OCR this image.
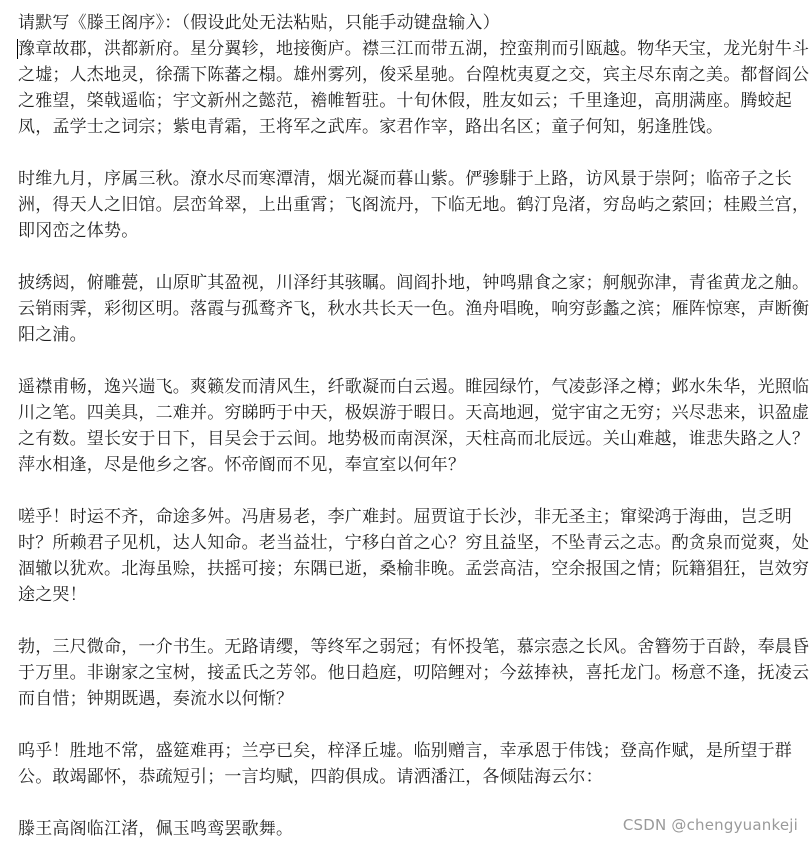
请默写《滕王阁序》：（假设此处无法粘贴，只能手动键盘输入）
豫章故郡，洪都新府。星分翼轸，地接衡庐。襟三江而带五湖，控蛮荆而引瓯越。物华天宝，龙光射牛斗之墟；人杰地灵，徐孺下陈蕃之榻。雄州雾列，俊采星驰。台隍枕夷夏之交，宾主尽东南之美。都督阎公之雅望，棨戟遥临；宇文新州之懿范，襜帷暂驻。十旬休假，胜友如云；千里逢迎，高朋满座。腾蛟起凤，孟学士之词宗；紫电青霜，王将军之武库。家君作宰，路出名区；童子何知，躬逢胜饯。
时维九月，序属三秋。潦水尽而寒潭清，烟光凝而暮山紫。俨骖騑于上路，访风景于崇阿；临帝子之长洲，得天人之旧馆。层峦耸翠，上出重霄；飞阁流丹，下临无地。鹤汀凫渚，穷岛屿之萦回；桂殿兰宫，即冈峦之体势。
披绣闼，俯雕甍，山原旷其盈视，川泽纡其骇瞩。闾阎扑地，钟鸣鼎食之家；舸舰弥津，青雀黄龙之舳。云销雨霁，彩彻区明。落霞与孤鹜齐飞，秋水共长天一色。渔舟唱晚，响穷彭蠡之滨；雁阵惊寒，声断衡阳之浦。
遥襟甫畅，逸兴遄飞。爽籁发而清风生，纤歌凝而白云遏。睢园绿竹，气凌彭泽之樽；邺水朱华，光照临川之笔。四美具，二难并。穷睇眄于中天，极娱游于暇日。天高地迥，觉宇宙之无穷；兴尽悲来，识盈虚之有数。望长安于日下，目吴会于云间。地势极而南溟深，天柱高而北辰远。关山难越，谁悲失路之人？萍水相逢，尽是他乡之客。怀帝阍而不见，奉宣室以何年？
嗟乎！时运不齐，命途多舛。冯唐易老，李广难封。屈贾谊于长沙，非无圣主；窜梁鸿于海曲，岂乏明时？所赖君子见机，达人知命。老当益壮，宁移白首之心？穷且益坚，不坠青云之志。酌贪泉而觉爽，处涸辙以犹欢。北海虽赊，扶摇可接；东隅已逝，桑榆非晚。孟尝高洁，空余报国之情；阮籍猖狂，岂效穷途之哭！
勃，三尺微命，一介书生。无路请缨，等终军之弱冠；有怀投笔，慕宗悫之长风。舍簪笏于百龄，奉晨昏于万里。非谢家之宝树，接孟氏之芳邻。他日趋庭，叨陪鲤对；今兹捧袂，喜托龙门。杨意不逢，抚凌云而自惜；钟期既遇，奏流水以何惭？
呜乎！胜地不常，盛筵难再；兰亭已矣，梓泽丘墟。临别赠言，幸承恩于伟饯；登高作赋，是所望于群公。敢竭鄙怀，恭疏短引；一言均赋，四韵俱成。请洒潘江，各倾陆海云尔：
滕王高阁临江渚，佩玉鸣鸾罢歌舞。	CSDN @chengyuankeji
